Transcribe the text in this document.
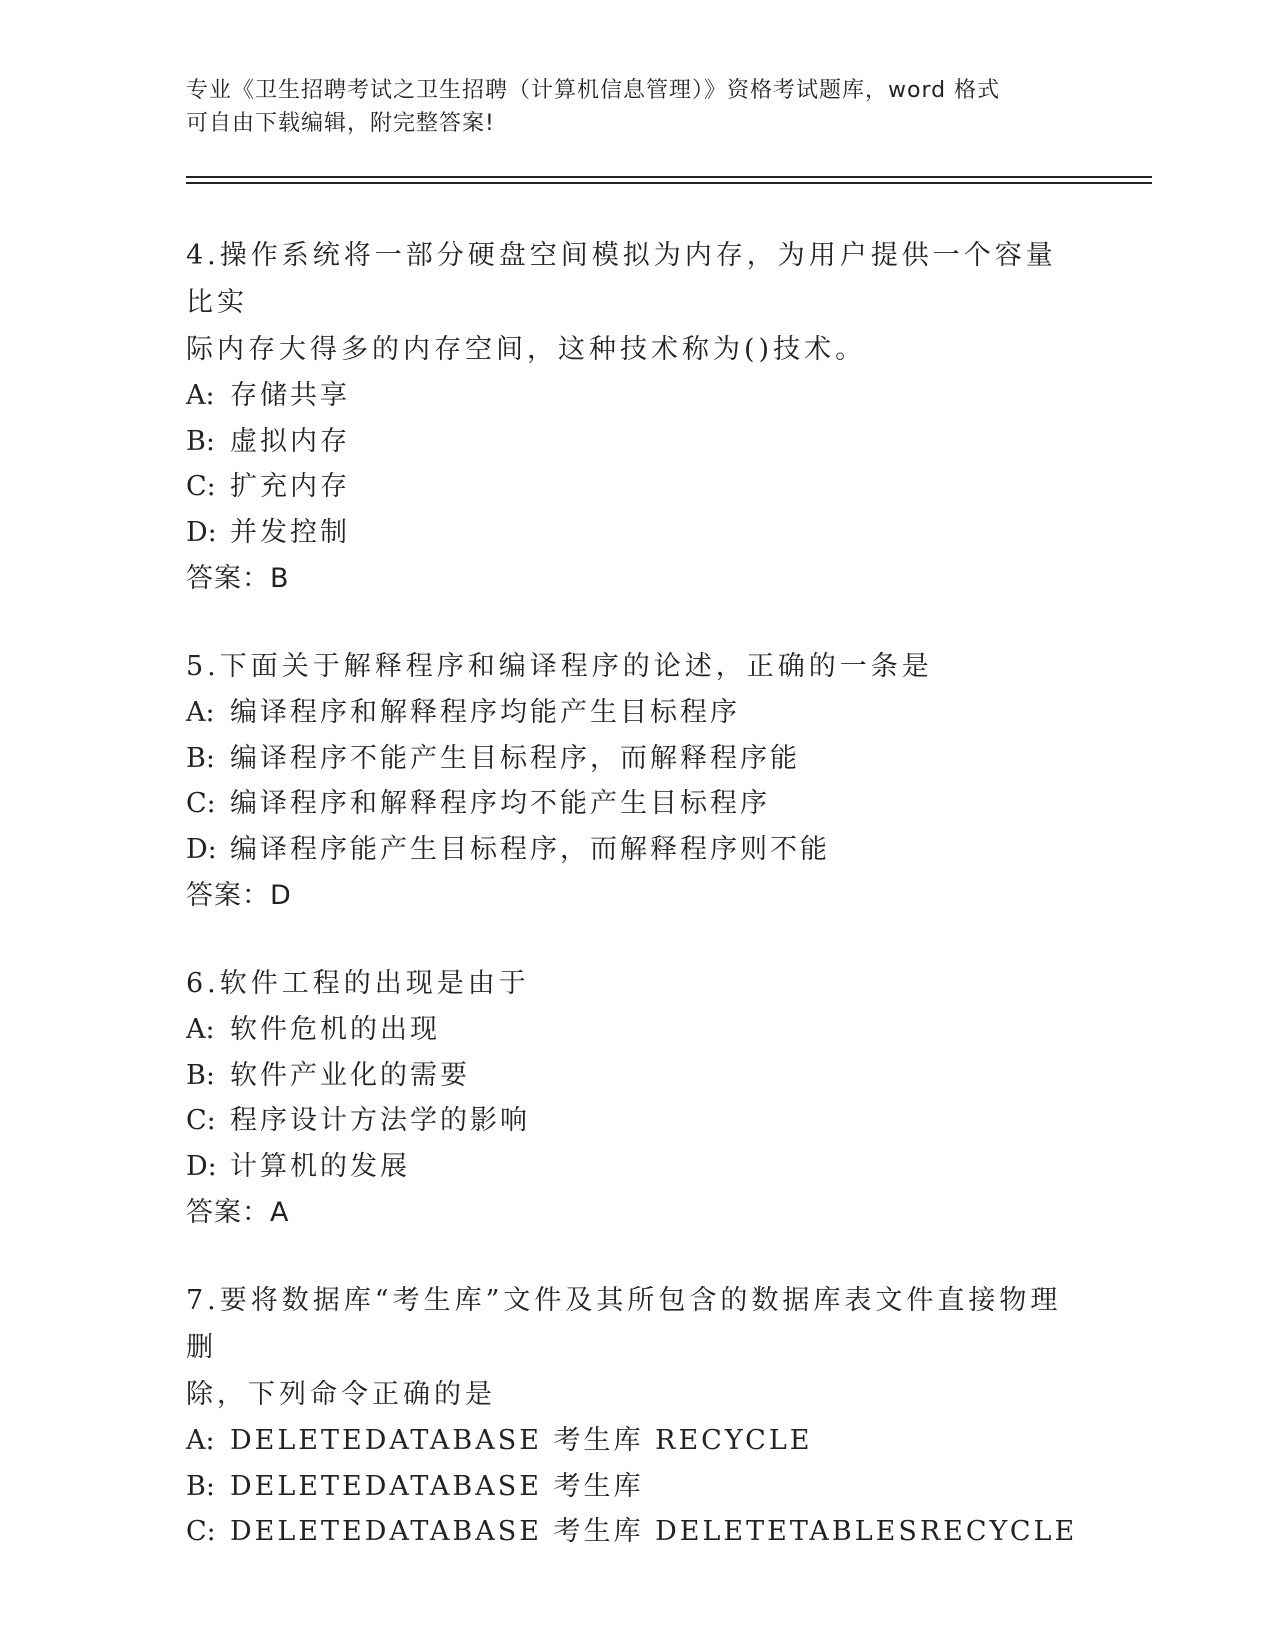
专业《卫生招聘考试之卫生招聘（计算机信息管理）》资格考试题库，word 格式
可自由下载编辑，附完整答案!
4.操作系统将一部分硬盘空间模拟为内存，为用户提供一个容量比实
际内存大得多的内存空间，这种技术称为()技术。
A: 存储共享
B: 虚拟内存
C: 扩充内存
D: 并发控制
答案：B
5.下面关于解释程序和编译程序的论述，正确的一条是
A: 编译程序和解释程序均能产生目标程序
B: 编译程序不能产生目标程序，而解释程序能
C: 编译程序和解释程序均不能产生目标程序
D: 编译程序能产生目标程序，而解释程序则不能
答案：D
6.软件工程的出现是由于
A: 软件危机的出现
B: 软件产业化的需要
C: 程序设计方法学的影响
D: 计算机的发展
答案：A
7.要将数据库“考生库”文件及其所包含的数据库表文件直接物理删
除，下列命令正确的是
A: DELETEDATABASE 考生库 RECYCLE
B: DELETEDATABASE 考生库
C: DELETEDATABASE 考生库 DELETETABLESRECYCLE
